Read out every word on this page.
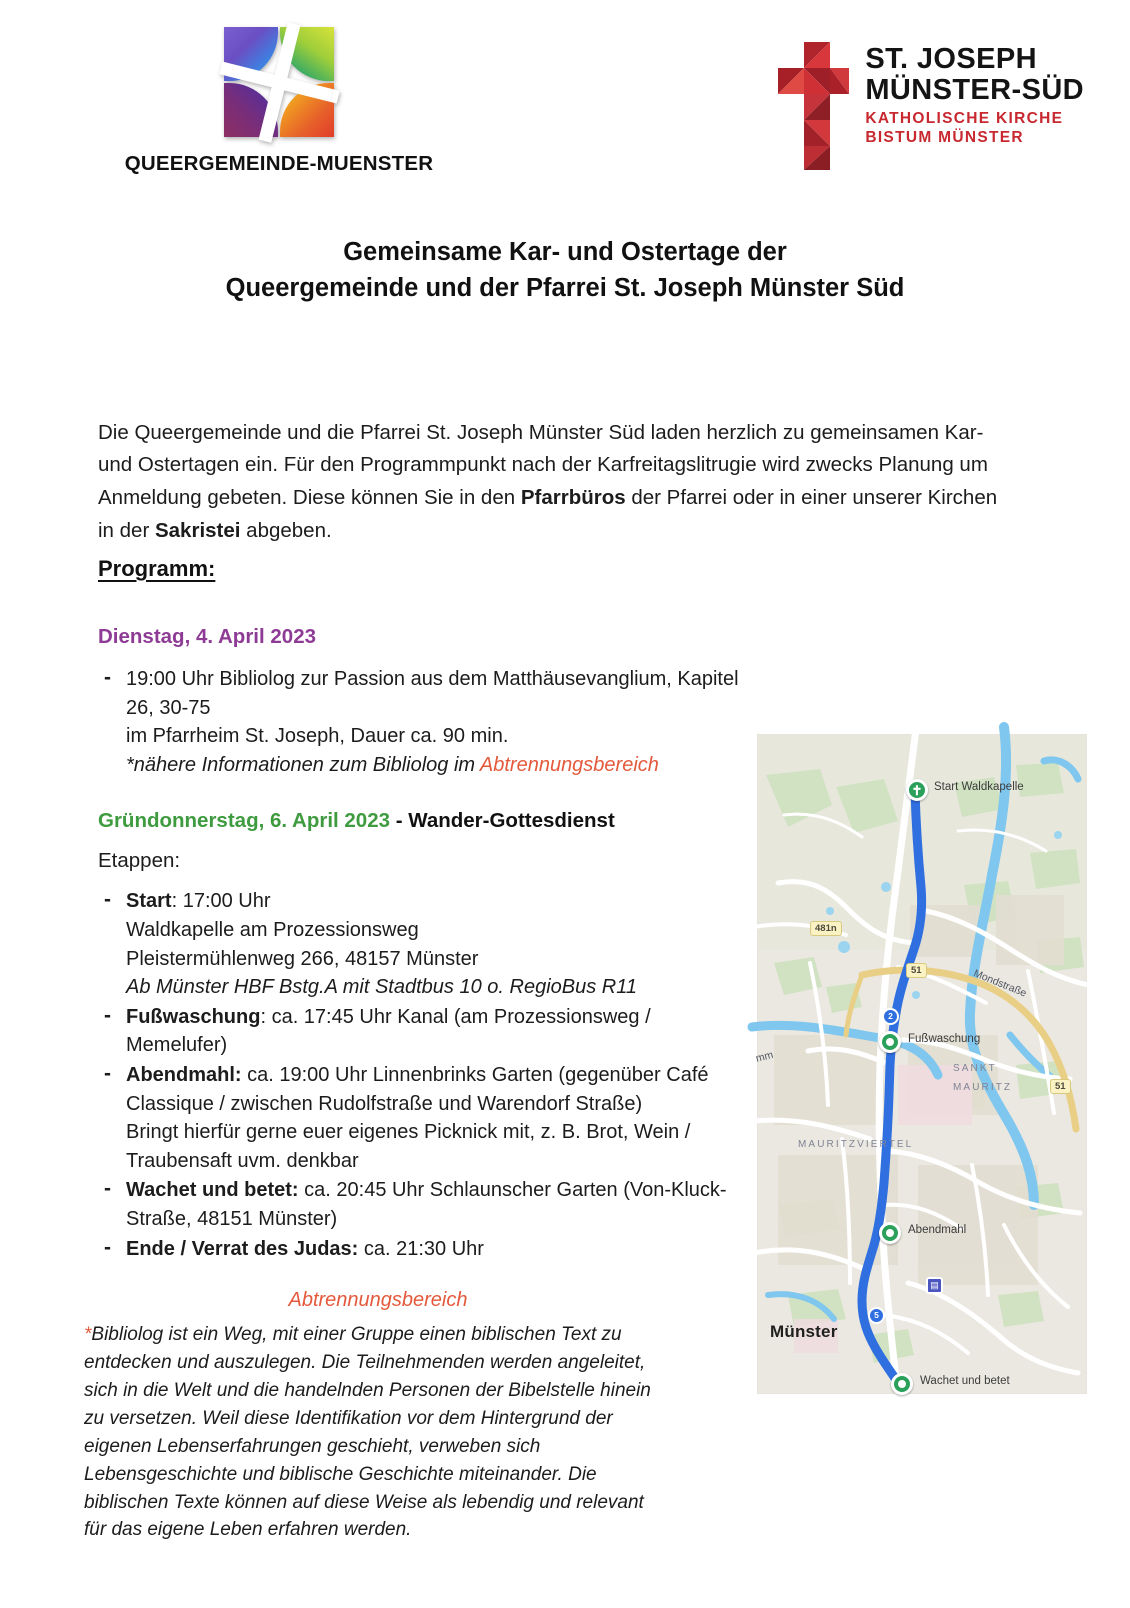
QUEERGEMEINDE-MUENSTER
ST. JOSEPH
MÜNSTER-SÜD
KATHOLISCHE KIRCHE
BISTUM MÜNSTER
Gemeinsame Kar- und Ostertage der
Queergemeinde und der Pfarrei St. Joseph Münster Süd

Die Queergemeinde und die Pfarrei St. Joseph Münster Süd laden herzlich zu gemeinsamen Kar- und Ostertagen ein. Für den Programmpunkt nach der Karfreitagslitrugie wird zwecks Planung um Anmeldung gebeten. Diese können Sie in den Pfarrbüros der Pfarrei oder in einer unserer Kirchen in der Sakristei abgeben.

Programm:
Dienstag, 4. April 2023
- 19:00 Uhr Bibliolog zur Passion aus dem Matthäusevanglium, Kapitel 26, 30-75
im Pfarrheim St. Joseph, Dauer ca. 90 min.
*nähere Informationen zum Bibliolog im Abtrennungsbereich
Gründonnerstag, 6. April 2023 - Wander-Gottesdienst
Etappen:
- Start: 17:00 Uhr
Waldkapelle am Prozessionsweg
Pleistermühlenweg 266, 48157 Münster
Ab Münster HBF Bstg.A mit Stadtbus 10 o. RegioBus R11
- Fußwaschung: ca. 17:45 Uhr Kanal (am Prozessionsweg / Memelufer)
- Abendmahl: ca. 19:00 Uhr Linnenbrinks Garten (gegenüber Café Classique / zwischen Rudolfstraße und Warendorf Straße)
Bringt hierfür gerne euer eigenes Picknick mit, z. B. Brot, Wein / Traubensaft uvm. denkbar
- Wachet und betet: ca. 20:45 Uhr Schlaunscher Garten (Von-Kluck-Straße, 48151 Münster)
- Ende / Verrat des Judas: ca. 21:30 Uhr
Abtrennungsbereich

*Bibliolog ist ein Weg, mit einer Gruppe einen biblischen Text zu entdecken und auszulegen. Die Teilnehmenden werden angeleitet, sich in die Welt und die handelnden Personen der Bibelstelle hinein zu versetzen. Weil diese Identifikation vor dem Hintergrund der eigenen Lebenserfahrungen geschieht, verweben sich Lebensgeschichte und biblische Geschichte miteinander. Die biblischen Texte können auf diese Weise als lebendig und relevant für das eigene Leben erfahren werden.

✝ Start Waldkapelle
Fußwaschung
Abendmahl
Wachet und betet
Münster
SANKT
MAURITZ
MAURITZVIERTEL
Mondstraße
mm
481n
51
51
2
5
▤
